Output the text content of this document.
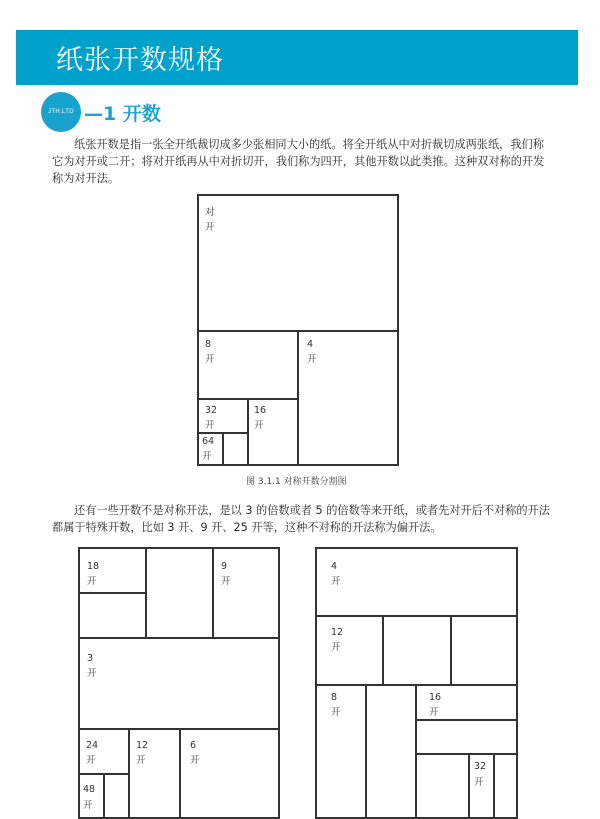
纸张开数规格
JTH.LTD —1 开数

纸张开数是指一张全开纸裁切成多少张相同大小的纸。将全开纸从中对折裁切成两张纸，我们称它为对开或二开；将对开纸再从中对折切开，我们称为四开，其他开数以此类推。这种双对称的开发称为对开法。

对开
8 开
4 开
32 开
16 开
64
开
图 3.1.1 对称开数分割图

还有一些开数不是对称开法，是以 3 的倍数或者 5 的倍数等来开纸，或者先对开后不对称的开法都属于特殊开数，比如 3 开、9 开、25 开等，这种不对称的开法称为偏开法。

18 开
9 开
3 开
24 开
12 开
6 开
48
开
4 开
12 开
8 开
16 开
32
开
